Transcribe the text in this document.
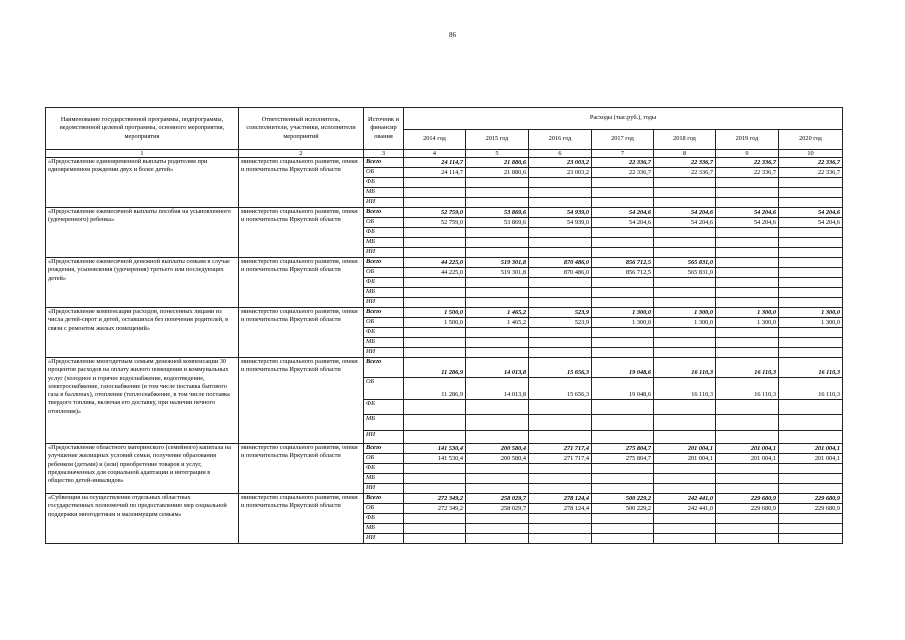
86
Наименование государственной программы, подпрограммы, ведомственной целевой программы, основного мероприятия, мероприятия	Ответственный исполнитель, соисполнители, участники, исполнители мероприятий	Источник и финансир ования	Расходы (тыс.руб.), годы						
			2014 год	2015 год	2016 год	2017 год	2018 год	2019 год	2020 год
1	2	3	4	5	6	7	8	9	10
«Предоставление единовременной выплаты родителям при одновременном рождении двух и более детей»	министерство социального развития, опеки и попечительства Иркутской области	Всего	24 114,7	21 880,6	23 003,2	22 336,7	22 336,7	22 336,7	22 336,7
		ОБ	24 114,7	21 880,6	23 003,2	22 336,7	22 336,7	22 336,7	22 336,7
		ФБ							
		МБ							
		ИИ							
«Предоставление ежемесячной выплаты пособия на усыновленного (удочеренного) ребенка»	министерство социального развития, опеки и попечительства Иркутской области	Всего	52 759,0	53 869,6	54 939,0	54 204,6	54 204,6	54 204,6	54 204,6
		ОБ	52 759,0	53 869,6	54 939,0	54 204,6	54 204,6	54 204,6	54 204,6
		ФБ							
		МБ							
		ИИ							
«Предоставление ежемесячной денежной выплаты семьям в случае рождения, усыновления (удочерения) третьего или последующих детей»	министерство социального развития, опеки и попечительства Иркутской области	Всего	44 225,0	519 301,8	870 486,0	856 712,5	565 831,0		
		ОБ	44 225,0	519 301,8	870 486,0	856 712,5	565 831,0		
		ФБ							
		МБ							
		ИИ							
«Предоставление компенсации расходов, понесенных лицами из числа детей-сирот и детей, оставшихся без попечения родителей, в связи с ремонтом жилых помещений»	министерство социального развития, опеки и попечительства Иркутской области	Всего	1 500,0	1 465,2	523,9	1 300,0	1 300,0	1 300,0	1 300,0
		ОБ	1 500,0	1 465,2	523,9	1 300,0	1 300,0	1 300,0	1 300,0
		ФБ							
		МБ							
		ИИ							
«Предоставление многодетным семьям денежной компенсации 30 процентов расходов на оплату жилого помещения и коммунальных услуг (холодное и горячее водоснабжение, водоотведение, электроснабжение, газоснабжение (в том числе поставка бытового газа в баллонах), отопление (теплоснабжение, в том числе поставка твердого топлива, включая его доставку, при наличии печного отопления)»	министерство социального развития, опеки и попечительства Иркутской области	Всего	11 286,9	14 013,8	15 656,3	19 048,6	16 110,3	16 110,3	16 110,3
		ОБ	11 286,9	14 013,8	15 656,3	19 048,6	16 110,3	16 110,3	16 110,3
		ФБ							
		МБ							
		ИИ							
«Предоставление областного материнского (семейного) капитала на улучшение жилищных условий семьи, получение образования ребенком (детьми) и (или) приобретение товаров и услуг, предназначенных для социальной адаптации и интеграции в общество детей-инвалидов»	министерство социального развития, опеки и попечительства Иркутской области	Всего	141 530,4	200 580,4	271 717,4	275 804,7	201 004,1	201 004,1	201 004,1
		ОБ	141 530,4	200 580,4	271 717,4	275 804,7	201 004,1	201 004,1	201 004,1
		ФБ							
		МБ							
		ИИ							
«Субвенция на осуществление отдельных областных государственных полномочий по предоставлению мер социальной поддержки многодетным и малоимущим семьям»	министерство социального развития, опеки и попечительства Иркутской области	Всего	272 349,2	258 029,7	278 124,4	500 229,2	242 441,0	229 680,9	229 680,9
		ОБ	272 349,2	258 029,7	278 124,4	500 229,2	242 441,0	229 680,9	229 680,9
		ФБ							
		МБ							
		ИИ							
